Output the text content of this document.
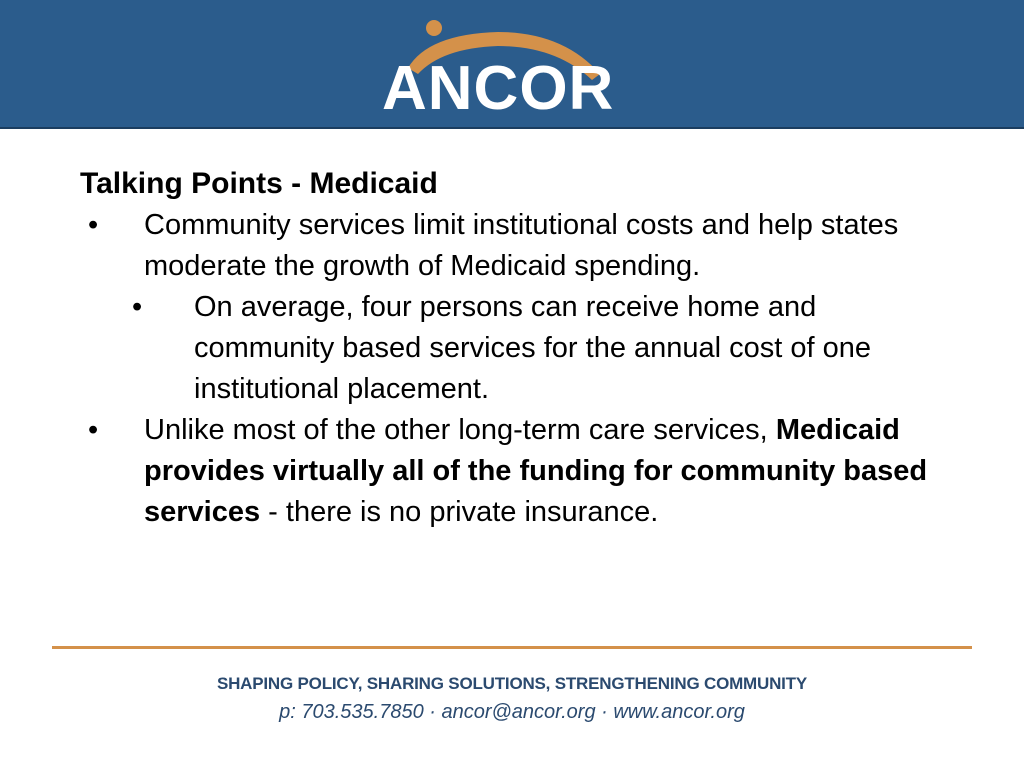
ANCOR
Talking Points - Medicaid
• Community services limit institutional costs and help states moderate the growth of Medicaid spending.
• On average, four persons can receive home and community based services for the annual cost of one institutional placement.
• Unlike most of the other long-term care services, Medicaid provides virtually all of the funding for community based services - there is no private insurance.
SHAPING POLICY, SHARING SOLUTIONS, STRENGTHENING COMMUNITY
p: 703.535.7850 · ancor@ancor.org · www.ancor.org
